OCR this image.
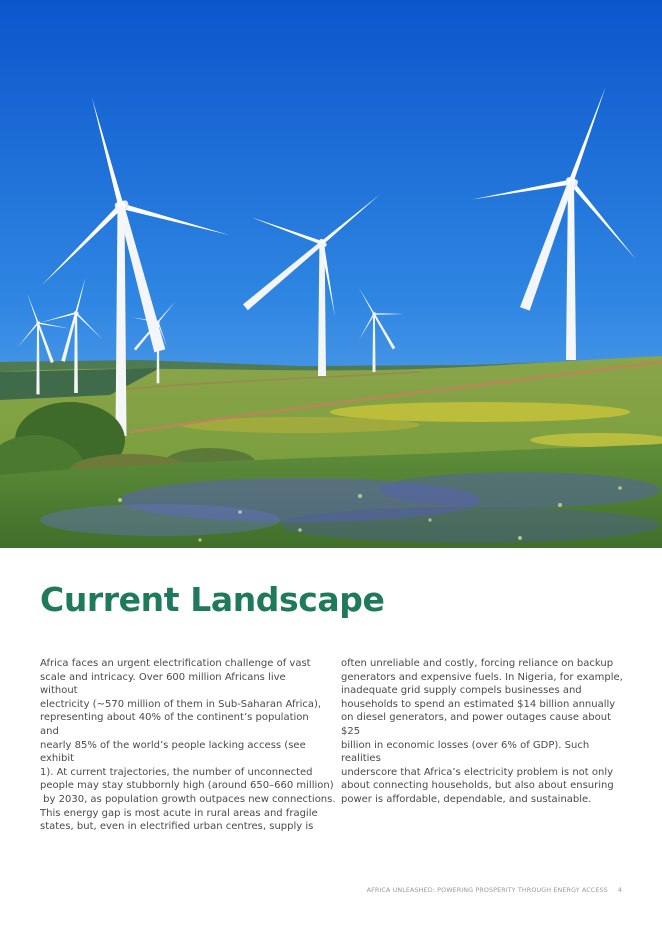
Current Landscape

Africa faces an urgent electrification challenge of vast

scale and intricacy. Over 600 million Africans live without

electricity (~570 million of them in Sub-Saharan Africa),

representing about 40% of the continent’s population and

nearly 85% of the world’s people lacking access (see exhibit

1). At current trajectories, the number of unconnected

people may stay stubbornly high (around 650–660 million)

by 2030, as population growth outpaces new connections.

This energy gap is most acute in rural areas and fragile

states, but, even in electrified urban centres, supply is

often unreliable and costly, forcing reliance on backup

generators and expensive fuels. In Nigeria, for example,

inadequate grid supply compels businesses and

households to spend an estimated $14 billion annually

on diesel generators, and power outages cause about $25

billion in economic losses (over 6% of GDP). Such realities

underscore that Africa’s electricity problem is not only

about connecting households, but also about ensuring

power is affordable, dependable, and sustainable.

AFRICA UNLEASHED: POWERING PROSPERITY THROUGH ENERGY ACCESS 4
